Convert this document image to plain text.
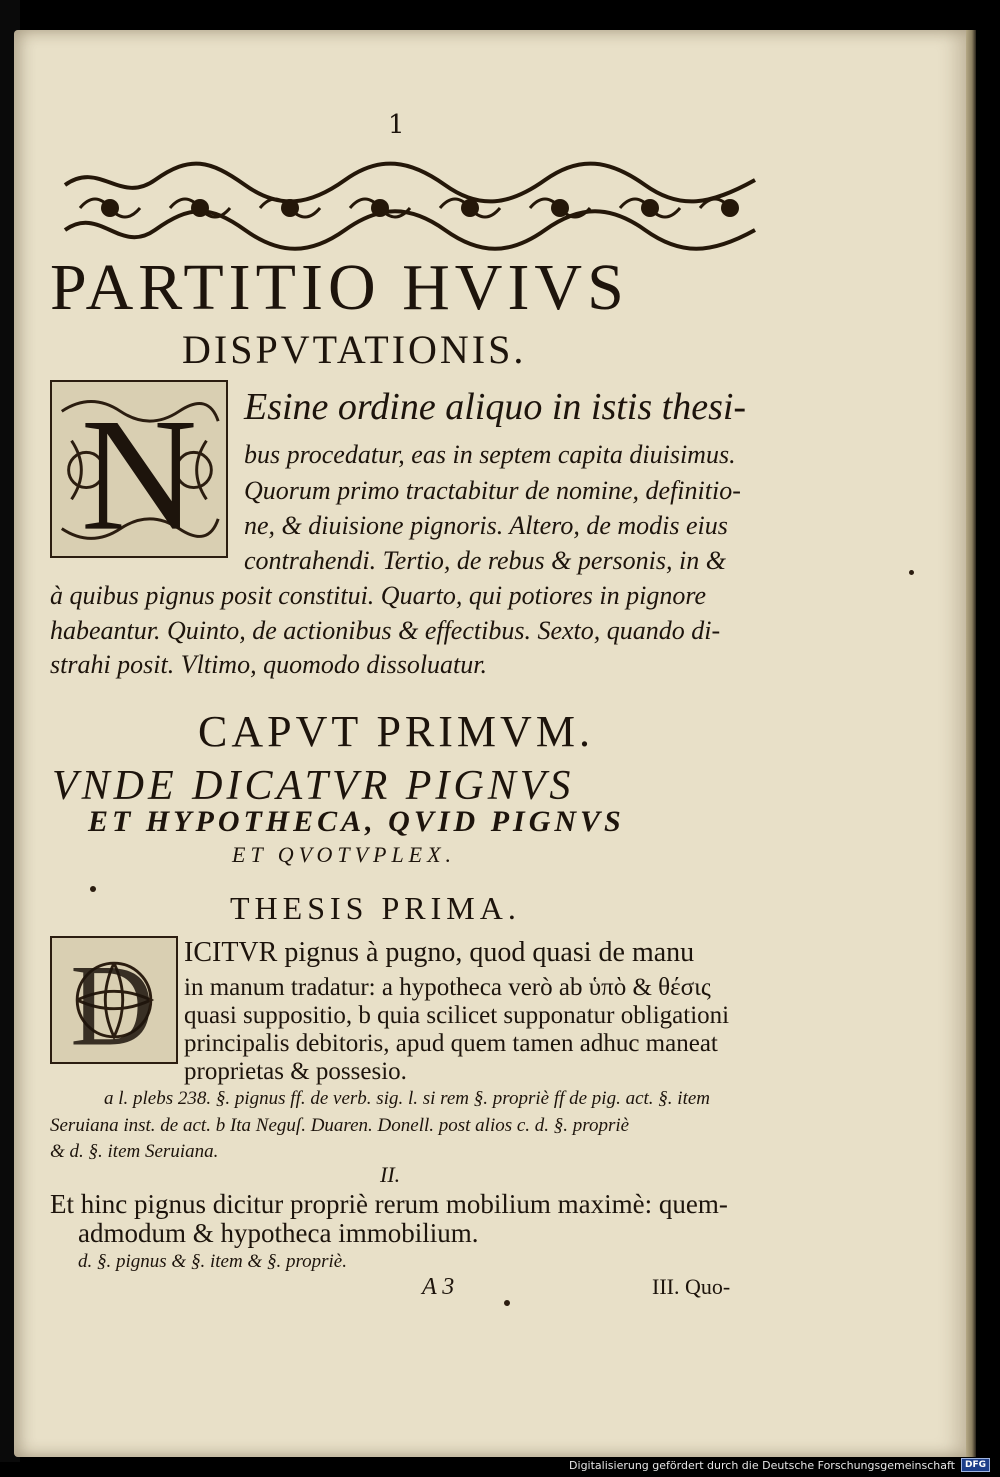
1
PARTITIO HVIVS
DISPVTATIONIS.
N Esine ordine aliquo in istis thesi-
bus procedatur, eas in septem capita diuisimus.
Quorum primo tractabitur de nomine, definitio-
ne, & diuisione pignoris. Altero, de modis eius
contrahendi. Tertio, de rebus & personis, in &
à quibus pignus posit constitui. Quarto, qui potiores in pignore
habeantur. Quinto, de actionibus & effectibus. Sexto, quando di-
strahi posit. Vltimo, quomodo dissoluatur.
CAPVT PRIMVM.
VNDE DICATVR PIGNVS
ET HYPOTHECA, QVID PIGNVS
ET QVOTVPLEX.
THESIS PRIMA.
D ICITVR pignus à pugno, quod quasi de manu
in manum tradatur: a hypotheca verò ab ὑπὸ & θέσις
quasi suppositio, b quia scilicet supponatur obligationi
principalis debitoris, apud quem tamen adhuc maneat
proprietas & possesio.
a l. plebs 238. §. pignus ff. de verb. sig. l. si rem §. propriè ff de pig. act. §. item
Seruiana inst. de act. b Ita Neguſ. Duaren. Donell. post alios c. d. §. propriè
& d. §. item Seruiana.
II.
Et hinc pignus dicitur propriè rerum mobilium maximè: quem-
admodum & hypotheca immobilium.
d. §. pignus & §. item & §. propriè.
A 3	III. Quo-
Digitalisierung gefördert durch die Deutsche Forschungsgemeinschaft	DFG
